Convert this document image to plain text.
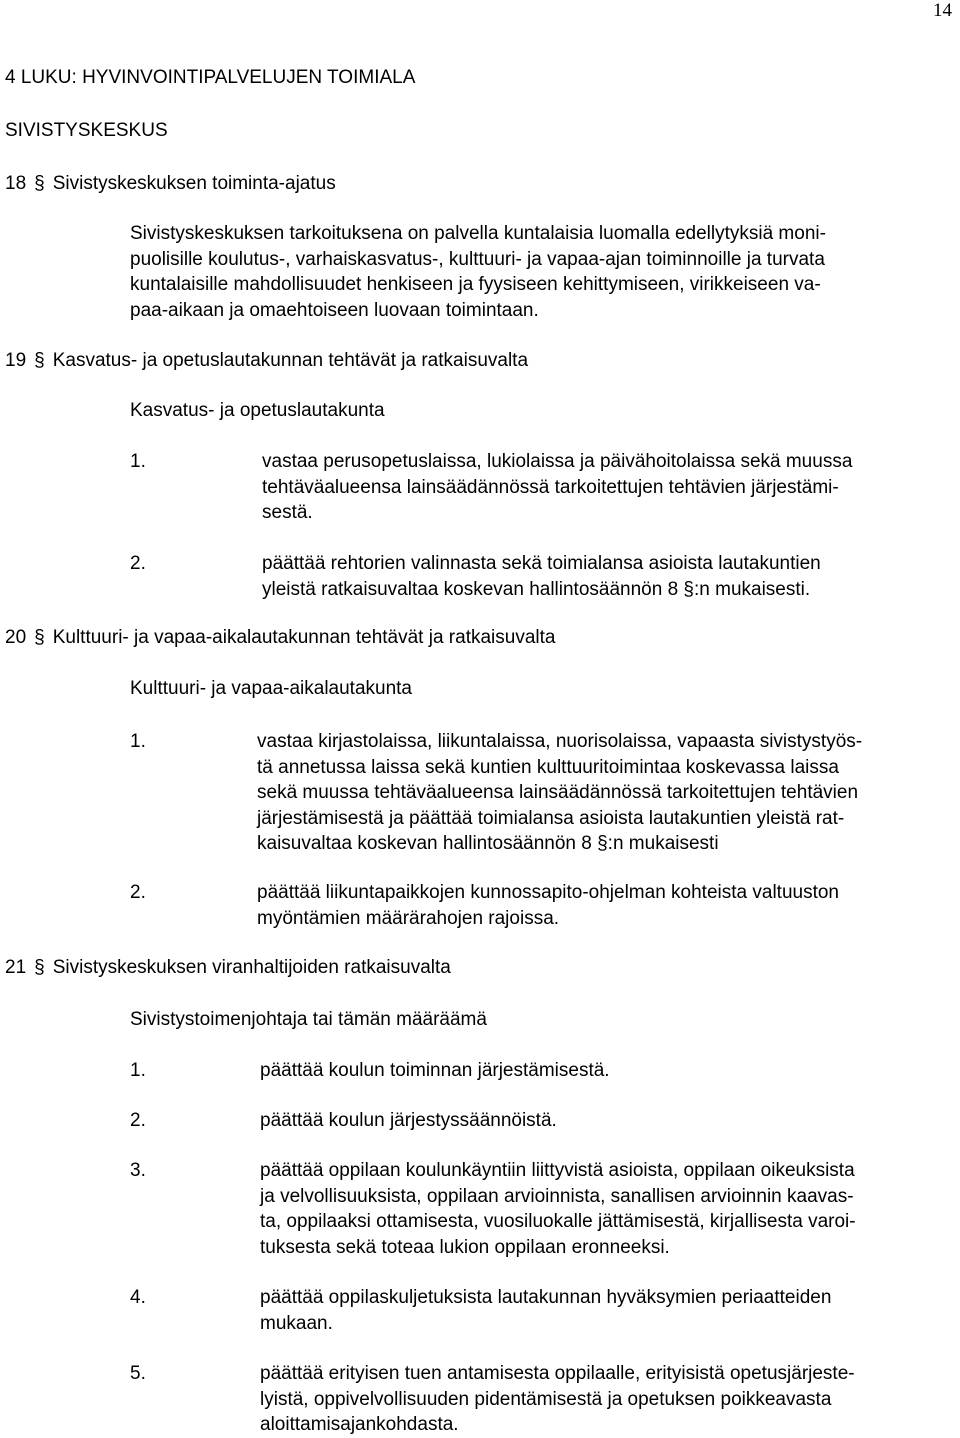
14
4 LUKU: HYVINVOINTIPALVELUJEN TOIMIALA
SIVISTYSKESKUS
18 § Sivistyskeskuksen toiminta-ajatus
Sivistyskeskuksen tarkoituksena on palvella kuntalaisia luomalla edellytyksiä moni-
puolisille koulutus-, varhaiskasvatus-, kulttuuri- ja vapaa-ajan toiminnoille ja turvata
kuntalaisille mahdollisuudet henkiseen ja fyysiseen kehittymiseen, virikkeiseen va-
paa-aikaan ja omaehtoiseen luovaan toimintaan.
19 § Kasvatus- ja opetuslautakunnan tehtävät ja ratkaisuvalta
Kasvatus- ja opetuslautakunta
1.	vastaa perusopetuslaissa, lukiolaissa ja päivähoitolaissa sekä muussa
tehtäväalueensa lainsäädännössä tarkoitettujen tehtävien järjestämi-
sestä.
2.	päättää rehtorien valinnasta sekä toimialansa asioista lautakuntien
yleistä ratkaisuvaltaa koskevan hallintosäännön 8 §:n mukaisesti.
20 § Kulttuuri- ja vapaa-aikalautakunnan tehtävät ja ratkaisuvalta
Kulttuuri- ja vapaa-aikalautakunta
1.	vastaa kirjastolaissa, liikuntalaissa, nuorisolaissa, vapaasta sivistystyös-
tä annetussa laissa sekä kuntien kulttuuritoimintaa koskevassa laissa
sekä muussa tehtäväalueensa lainsäädännössä tarkoitettujen tehtävien
järjestämisestä ja päättää toimialansa asioista lautakuntien yleistä rat-
kaisuvaltaa koskevan hallintosäännön 8 §:n mukaisesti
2.	päättää liikuntapaikkojen kunnossapito-ohjelman kohteista valtuuston
myöntämien määrärahojen rajoissa.
21 § Sivistyskeskuksen viranhaltijoiden ratkaisuvalta
Sivistystoimenjohtaja tai tämän määräämä
1.	päättää koulun toiminnan järjestämisestä.
2.	päättää koulun järjestyssäännöistä.
3.	päättää oppilaan koulunkäyntiin liittyvistä asioista, oppilaan oikeuksista
ja velvollisuuksista, oppilaan arvioinnista, sanallisen arvioinnin kaavas-
ta, oppilaaksi ottamisesta, vuosiluokalle jättämisestä, kirjallisesta varoi-
tuksesta sekä toteaa lukion oppilaan eronneeksi.
4.	päättää oppilaskuljetuksista lautakunnan hyväksymien periaatteiden
mukaan.
5.	päättää erityisen tuen antamisesta oppilaalle, erityisistä opetusjärjeste-
lyistä, oppivelvollisuuden pidentämisestä ja opetuksen poikkeavasta
aloittamisajankohdasta.
